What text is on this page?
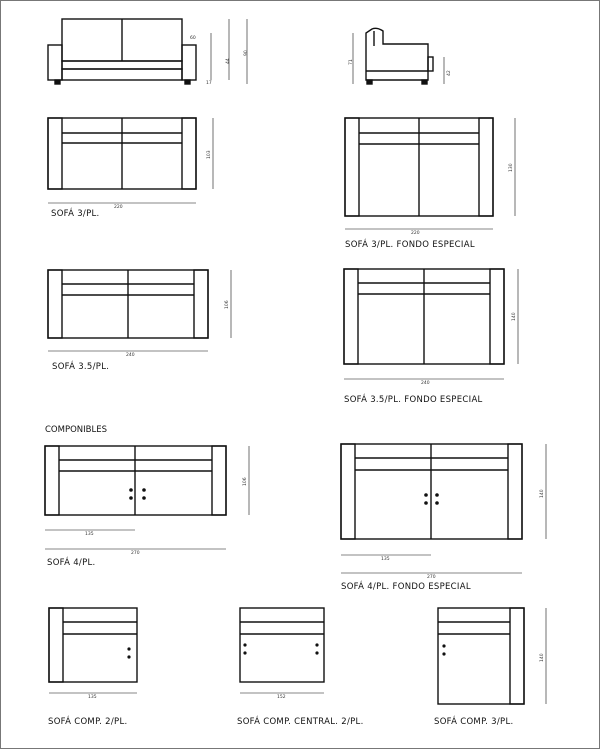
60
44
90
17
71
42
220
103
220
130
240
106
240
140
135
270
106
135
270
140
135	152
140
COMPONIBLES
SOFÁ 3/PL.
SOFÁ 3/PL. FONDO ESPECIAL
SOFÁ 3.5/PL.
SOFÁ 3.5/PL. FONDO ESPECIAL
SOFÁ 4/PL.
SOFÁ 4/PL. FONDO ESPECIAL
SOFÁ COMP. 2/PL.	SOFÁ COMP. CENTRAL. 2/PL.	SOFÁ COMP. 3/PL.
